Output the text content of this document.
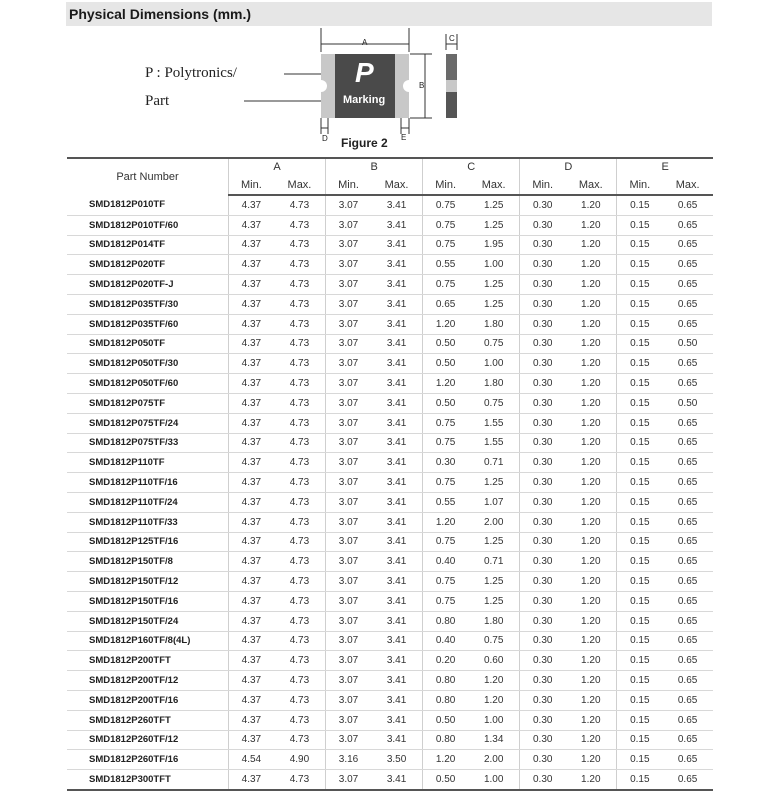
Physical Dimensions (mm.)
P : Polytronics/
Part
P
Marking
A
B
C
D	E
Figure 2
Part Number	A		B		C		D		E	
	Min.	Max.	Min.	Max.	Min.	Max.	Min.	Max.	Min.	Max.
SMD1812P010TF	4.37	4.73	3.07	3.41	0.75	1.25	0.30	1.20	0.15	0.65
SMD1812P010TF/60	4.37	4.73	3.07	3.41	0.75	1.25	0.30	1.20	0.15	0.65
SMD1812P014TF	4.37	4.73	3.07	3.41	0.75	1.95	0.30	1.20	0.15	0.65
SMD1812P020TF	4.37	4.73	3.07	3.41	0.55	1.00	0.30	1.20	0.15	0.65
SMD1812P020TF-J	4.37	4.73	3.07	3.41	0.75	1.25	0.30	1.20	0.15	0.65
SMD1812P035TF/30	4.37	4.73	3.07	3.41	0.65	1.25	0.30	1.20	0.15	0.65
SMD1812P035TF/60	4.37	4.73	3.07	3.41	1.20	1.80	0.30	1.20	0.15	0.65
SMD1812P050TF	4.37	4.73	3.07	3.41	0.50	0.75	0.30	1.20	0.15	0.50
SMD1812P050TF/30	4.37	4.73	3.07	3.41	0.50	1.00	0.30	1.20	0.15	0.65
SMD1812P050TF/60	4.37	4.73	3.07	3.41	1.20	1.80	0.30	1.20	0.15	0.65
SMD1812P075TF	4.37	4.73	3.07	3.41	0.50	0.75	0.30	1.20	0.15	0.50
SMD1812P075TF/24	4.37	4.73	3.07	3.41	0.75	1.55	0.30	1.20	0.15	0.65
SMD1812P075TF/33	4.37	4.73	3.07	3.41	0.75	1.55	0.30	1.20	0.15	0.65
SMD1812P110TF	4.37	4.73	3.07	3.41	0.30	0.71	0.30	1.20	0.15	0.65
SMD1812P110TF/16	4.37	4.73	3.07	3.41	0.75	1.25	0.30	1.20	0.15	0.65
SMD1812P110TF/24	4.37	4.73	3.07	3.41	0.55	1.07	0.30	1.20	0.15	0.65
SMD1812P110TF/33	4.37	4.73	3.07	3.41	1.20	2.00	0.30	1.20	0.15	0.65
SMD1812P125TF/16	4.37	4.73	3.07	3.41	0.75	1.25	0.30	1.20	0.15	0.65
SMD1812P150TF/8	4.37	4.73	3.07	3.41	0.40	0.71	0.30	1.20	0.15	0.65
SMD1812P150TF/12	4.37	4.73	3.07	3.41	0.75	1.25	0.30	1.20	0.15	0.65
SMD1812P150TF/16	4.37	4.73	3.07	3.41	0.75	1.25	0.30	1.20	0.15	0.65
SMD1812P150TF/24	4.37	4.73	3.07	3.41	0.80	1.80	0.30	1.20	0.15	0.65
SMD1812P160TF/8(4L)	4.37	4.73	3.07	3.41	0.40	0.75	0.30	1.20	0.15	0.65
SMD1812P200TFT	4.37	4.73	3.07	3.41	0.20	0.60	0.30	1.20	0.15	0.65
SMD1812P200TF/12	4.37	4.73	3.07	3.41	0.80	1.20	0.30	1.20	0.15	0.65
SMD1812P200TF/16	4.37	4.73	3.07	3.41	0.80	1.20	0.30	1.20	0.15	0.65
SMD1812P260TFT	4.37	4.73	3.07	3.41	0.50	1.00	0.30	1.20	0.15	0.65
SMD1812P260TF/12	4.37	4.73	3.07	3.41	0.80	1.34	0.30	1.20	0.15	0.65
SMD1812P260TF/16	4.54	4.90	3.16	3.50	1.20	2.00	0.30	1.20	0.15	0.65
SMD1812P300TFT	4.37	4.73	3.07	3.41	0.50	1.00	0.30	1.20	0.15	0.65
